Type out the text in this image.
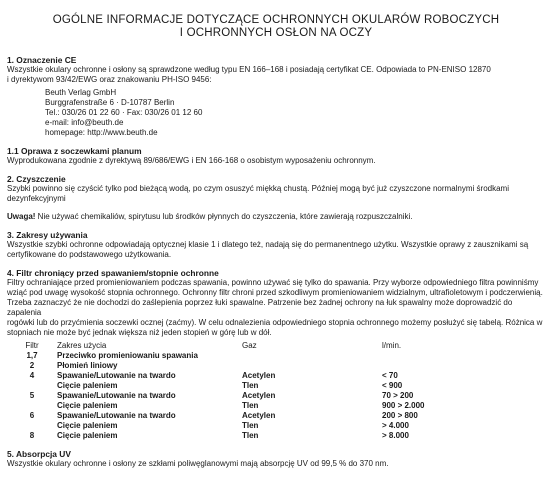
OGÓLNE INFORMACJE DOTYCZĄCE OCHRONNYCH OKULARÓW ROBOCZYCH
I OCHRONNYCH OSŁON NA OCZY

1. Oznaczenie CE

Wszystkie okulary ochronne i osłony są sprawdzone według typu EN 166–168 i posiadają certyfikat CE. Odpowiada to PN-ENISO 12870

i dyrektywom 93/42/EWG oraz znakowaniu PH-ISO 9456:

Beuth Verlag GmbH
Burggrafenstraße 6 · D-10787 Berlin
Tel.: 030/26 01 22 60 · Fax: 030/26 01 12 60
e-mail: info@beuth.de
homepage: http://www.beuth.de

1.1 Oprawa z soczewkami planum

Wyprodukowana zgodnie z dyrektywą 89/686/EWG i EN 166-168 o osobistym wyposażeniu ochronnym.

2. Czyszczenie

Szybki powinno się czyścić tylko pod bieżącą wodą, po czym osuszyć miękką chustą. Później mogą być już czyszczone normalnymi środkami

dezynfekcyjnymi

Uwaga! Nie używać chemikaliów, spirytusu lub środków płynnych do czyszczenia, które zawierają rozpuszczalniki.

3. Zakresy używania

Wszystkie szybki ochronne odpowiadają optycznej klasie 1 i dlatego też, nadają się do permanentnego użytku. Wszystkie oprawy z zausznikami są

certyfikowane do podstawowego użytkowania.

4. Filtr chroniący przed spawaniem/stopnie ochronne

Filtry ochraniające przed promieniowaniem podczas spawania, powinno używać się tylko do spawania. Przy wyborze odpowiedniego filtra powinniśmy

wziąć pod uwagę wysokość stopnia ochronnego. Ochronny filtr chroni przed szkodliwym promieniowaniem widzialnym, ultrafioletowym i podczerwienią.

Trzeba zaznaczyć że nie dochodzi do zaślepienia poprzez łuki spawalne. Patrzenie bez żadnej ochrony na łuk spawalny może doprowadzić do zapalenia

rogówki lub do przyćmienia soczewki ocznej (zaćmy). W celu odnalezienia odpowiedniego stopnia ochronnego możemy posłużyć się tabelą. Różnica w

stopniach nie może być jednak większa niż jeden stopień w górę lub w dół.

Filtr	Zakres użycia	Gaz	l/min.
1,7	Przeciwko promieniowaniu spawania		
2	Płomień liniowy		
4	Spawanie/Lutowanie na twardo	Acetylen	< 70
	Cięcie paleniem	Tlen	< 900
5	Spawanie/Lutowanie na twardo	Acetylen	70 > 200
	Cięcie paleniem	Tlen	900 > 2.000
6	Spawanie/Lutowanie na twardo	Acetylen	200 > 800
	Cięcie paleniem	Tlen	> 4.000
8	Cięcie paleniem	Tlen	> 8.000

5. Absorpcja UV

Wszystkie okulary ochronne i osłony ze szkłami poliwęglanowymi mają absorpcję UV od 99,5 % do 370 nm.
